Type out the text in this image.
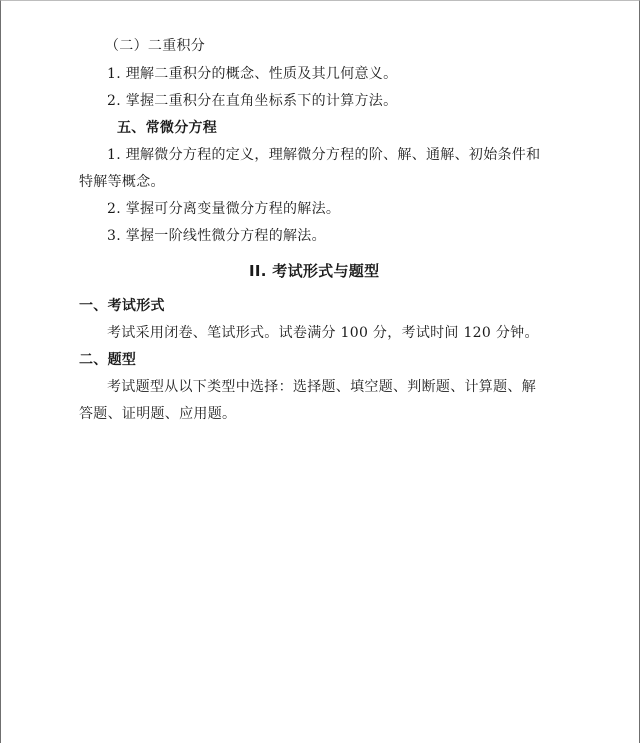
（二）二重积分
1. 理解二重积分的概念、性质及其几何意义。
2. 掌握二重积分在直角坐标系下的计算方法。
五、常微分方程
1. 理解微分方程的定义，理解微分方程的阶、解、通解、初始条件和
特解等概念。
2. 掌握可分离变量微分方程的解法。
3. 掌握一阶线性微分方程的解法。
II. 考试形式与题型
一、考试形式
考试采用闭卷、笔试形式。试卷满分 100 分，考试时间 120 分钟。
二、题型
考试题型从以下类型中选择：选择题、填空题、判断题、计算题、解
答题、证明题、应用题。
